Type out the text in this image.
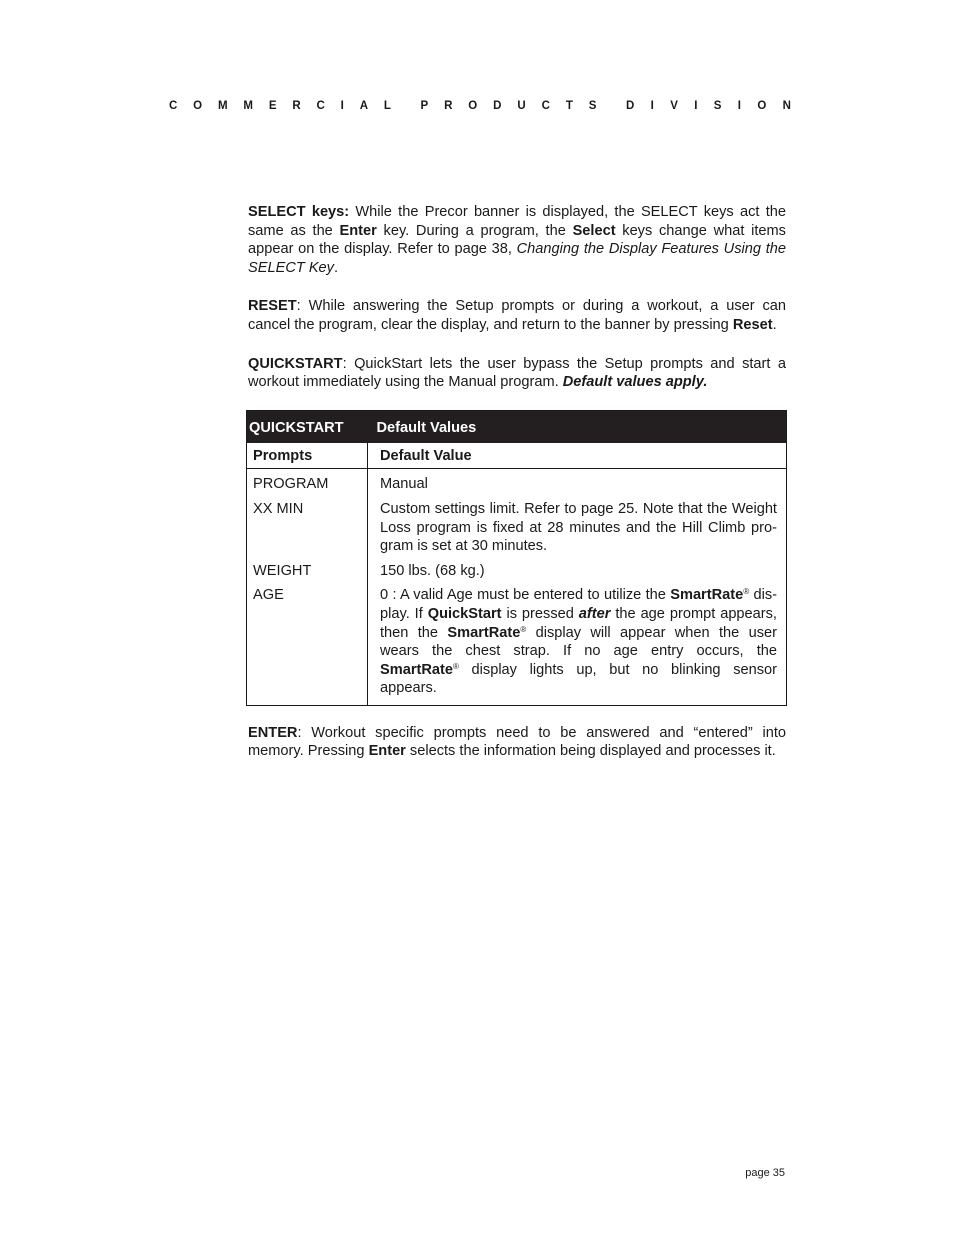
C O M M E R C I A L	P R O D U C T S	D I V I S I O N

SELECT keys: While the Precor banner is displayed, the SELECT keys act the same as the Enter key. During a program, the Select keys change what items appear on the display. Refer to page 38, Changing the Display Features Using the SELECT Key.

RESET: While answering the Setup prompts or during a workout, a user can cancel the program, clear the display, and return to the banner by pressing Reset.

QUICKSTART: QuickStart lets the user bypass the Setup prompts and start a workout immediately using the Manual program. Default values apply.

QUICKSTART	Default Values
Prompts	Default Value
PROGRAM	Manual
XX MIN	Custom settings limit. Refer to page 25. Note that the Weight Loss program is fixed at 28 minutes and the Hill Climb pro-gram is set at 30 minutes.
WEIGHT	150 lbs. (68 kg.)
AGE	0 : A valid Age must be entered to utilize the SmartRate® dis-play. If QuickStart is pressed after the age prompt appears, then the SmartRate® display will appear when the user wears the chest strap. If no age entry occurs, the SmartRate® display lights up, but no blinking sensor appears.

ENTER: Workout specific prompts need to be answered and “entered” into memory. Pressing Enter selects the information being displayed and processes it.

page 35
